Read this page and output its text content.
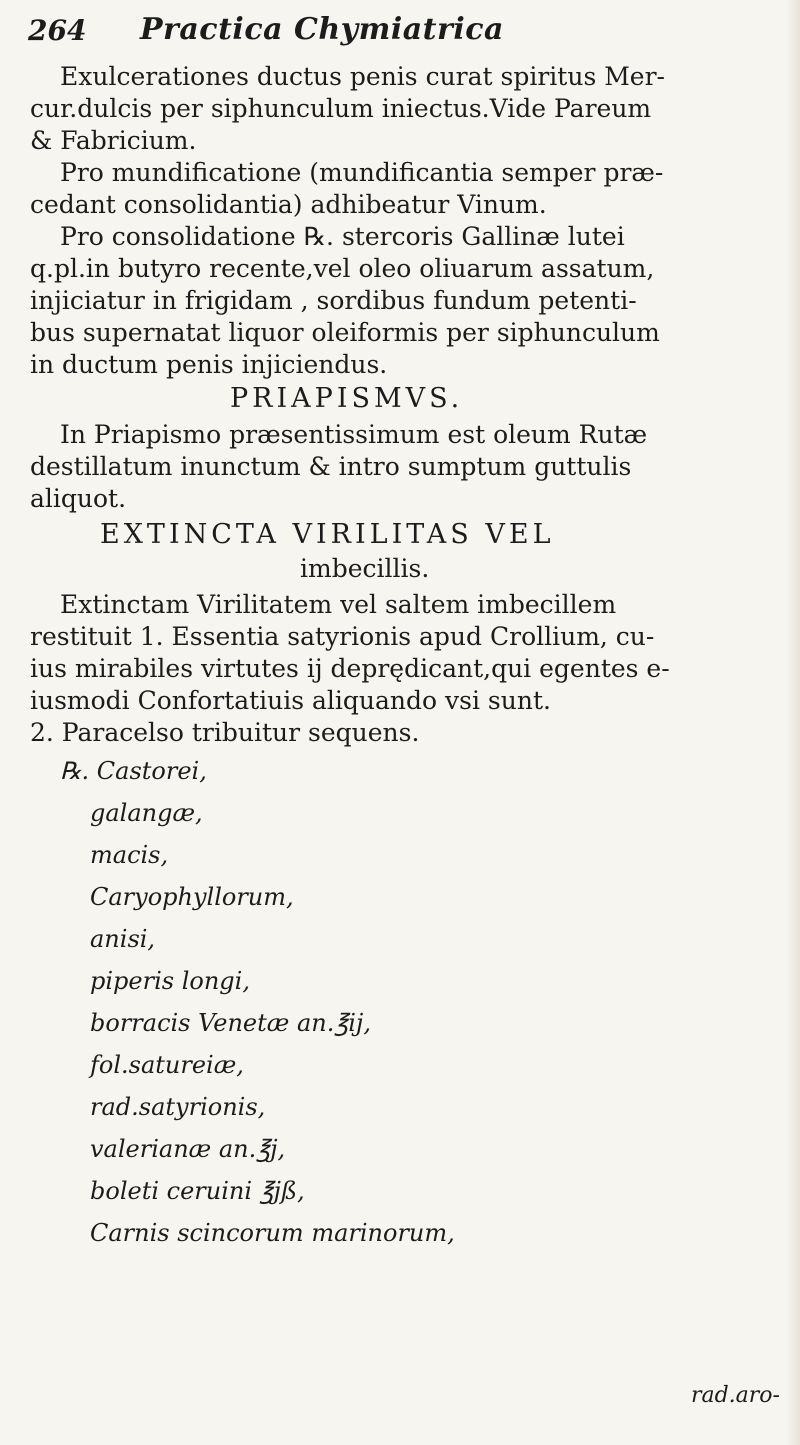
264 Practica Chymiatrica
Exulcerationes ductus penis curat spiritus Mer-
cur.dulcis per siphunculum iniectus.Vide Pareum
& Fabricium.
Pro mundificatione (mundificantia semper præ-
cedant consolidantia) adhibeatur Vinum.
Pro consolidatione ℞. stercoris Gallinæ lutei
q.pl.in butyro recente,vel oleo oliuarum assatum,
injiciatur in frigidam , sordibus fundum petenti-
bus supernatat liquor oleiformis per siphunculum
in ductum penis injiciendus.
PRIAPISMVS.
In Priapismo præsentissimum est oleum Rutæ
destillatum inunctum & intro sumptum guttulis
aliquot.
EXTINCTA VIRILITAS VEL
imbecillis.
Extinctam Virilitatem vel saltem imbecillem
restituit 1. Essentia satyrionis apud Crollium, cu-
ius mirabiles virtutes ij deprędicant,qui egentes e-
iusmodi Confortatiuis aliquando vsi sunt.
2. Paracelso tribuitur sequens.
℞. Castorei,
galangæ,
macis,
Caryophyllorum,
anisi,
piperis longi,
borracis Venetæ an.℥ij,
fol.satureiæ,
rad.satyrionis,
valerianæ an.℥j,
boleti ceruini ℥jß,
Carnis scincorum marinorum,
rad.aro-
